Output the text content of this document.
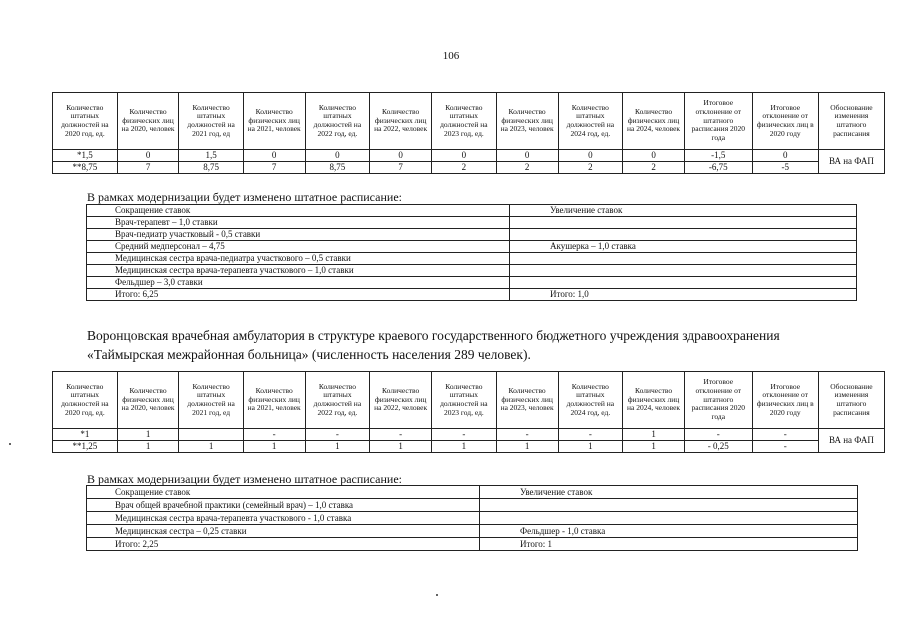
106
Количество штатных должностей на 2020 год, ед.	Количество физических лиц на 2020, человек	Количество штатных должностей на 2021 год, ед	Количество физических лиц на 2021, человек	Количество штатных должностей на 2022 год, ед.	Количество физических лиц на 2022, человек	Количество штатных должностей на 2023 год, ед.	Количество физических лиц на 2023, человек	Количество штатных должностей на 2024 год, ед.	Количество физических лиц на 2024, человек	Итоговое отклонение от штатного расписания 2020 года	Итоговое отклонение от физических лиц в 2020 году	Обоснование изменения штатного расписания
*1,5	0	1,5	0	0	0	0	0	0	0	-1,5	0	ВА на ФАП
**8,75	7	8,75	7	8,75	7	2	2	2	2	-6,75	-5	
В рамках модернизации будет изменено штатное расписание:
Сокращение ставок	Увеличение ставок
Врач-терапевт – 1,0 ставки	
Врач-педиатр участковый - 0,5 ставки	
Средний медперсонал – 4,75	Акушерка – 1,0 ставка
Медицинская сестра врача-педиатра участкового – 0,5 ставки	
Медицинская сестра врача-терапевта участкового – 1,0 ставки	
Фельдшер – 3,0 ставки	
Итого: 6,25	Итого: 1,0
Воронцовская врачебная амбулатория в структуре краевого государственного бюджетного учреждения здравоохранения «Таймырская межрайонная больница» (численность населения 289 человек).
Количество штатных должностей на 2020 год, ед.	Количество физических лиц на 2020, человек	Количество штатных должностей на 2021 год, ед	Количество физических лиц на 2021, человек	Количество штатных должностей на 2022 год, ед.	Количество физических лиц на 2022, человек	Количество штатных должностей на 2023 год, ед.	Количество физических лиц на 2023, человек	Количество штатных должностей на 2024 год, ед.	Количество физических лиц на 2024, человек	Итоговое отклонение от штатного расписания 2020 года	Итоговое отклонение от физических лиц в 2020 году	Обоснование изменения штатного расписания
*1	1		-	-	-	-	-	-	1	-	-	ВА на ФАП
**1,25	1	1	1	1	1	1	1	1	1	- 0,25	-	
В рамках модернизации будет изменено штатное расписание:
Сокращение ставок	Увеличение ставок
Врач общей врачебной практики (семейный врач) – 1,0 ставка	
Медицинская сестра врача-терапевта участкового - 1,0 ставка	
Медицинская сестра – 0,25 ставки	Фельдшер - 1,0 ставка
Итого: 2,25	Итого: 1
